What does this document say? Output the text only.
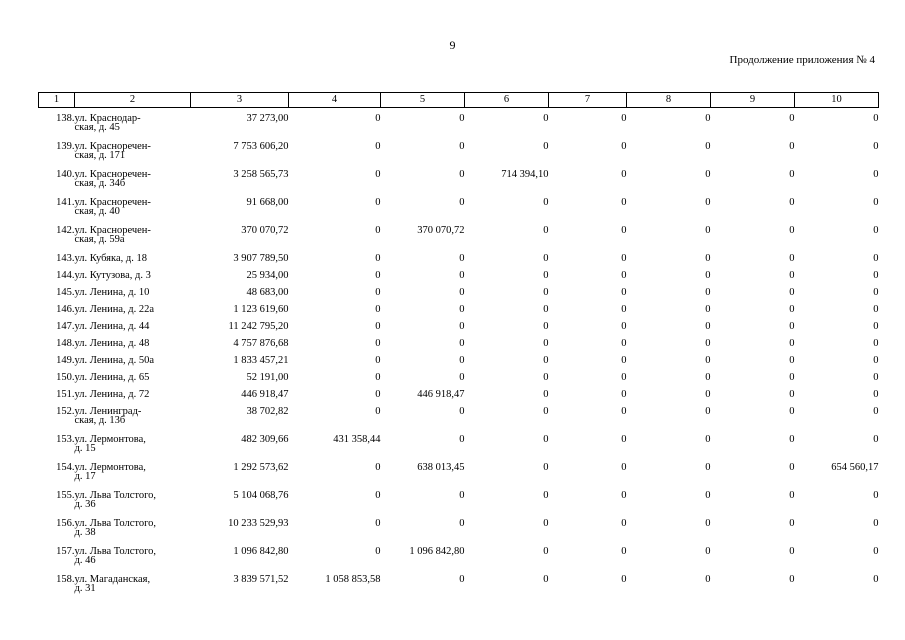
9
Продолжение приложения № 4
1	2	3	4	5	6	7	8	9	10

138.	ул. Краснодар-
ская, д. 45	37 273,00	0	0	0	0	0	0	0
139.	ул. Красноречен-
ская, д. 171	7 753 606,20	0	0	0	0	0	0	0
140.	ул. Красноречен-
ская, д. 34б	3 258 565,73	0	0	714 394,10	0	0	0	0
141.	ул. Красноречен-
ская, д. 40	91 668,00	0	0	0	0	0	0	0
142.	ул. Красноречен-
ская, д. 59а	370 070,72	0	370 070,72	0	0	0	0	0
143.	ул. Кубяка, д. 18	3 907 789,50	0	0	0	0	0	0	0
144.	ул. Кутузова, д. 3	25 934,00	0	0	0	0	0	0	0
145.	ул. Ленина, д. 10	48 683,00	0	0	0	0	0	0	0
146.	ул. Ленина, д. 22а	1 123 619,60	0	0	0	0	0	0	0
147.	ул. Ленина, д. 44	11 242 795,20	0	0	0	0	0	0	0
148.	ул. Ленина, д. 48	4 757 876,68	0	0	0	0	0	0	0
149.	ул. Ленина, д. 50а	1 833 457,21	0	0	0	0	0	0	0
150.	ул. Ленина, д. 65	52 191,00	0	0	0	0	0	0	0
151.	ул. Ленина, д. 72	446 918,47	0	446 918,47	0	0	0	0	0
152.	ул. Ленинград-
ская, д. 13б	38 702,82	0	0	0	0	0	0	0
153.	ул. Лермонтова,
д. 15	482 309,66	431 358,44	0	0	0	0	0	0
154.	ул. Лермонтова,
д. 17	1 292 573,62	0	638 013,45	0	0	0	0	654 560,17
155.	ул. Льва Толстого,
д. 36	5 104 068,76	0	0	0	0	0	0	0
156.	ул. Льва Толстого,
д. 38	10 233 529,93	0	0	0	0	0	0	0
157.	ул. Льва Толстого,
д. 46	1 096 842,80	0	1 096 842,80	0	0	0	0	0
158.	ул. Магаданская,
д. 31	3 839 571,52	1 058 853,58	0	0	0	0	0	0
